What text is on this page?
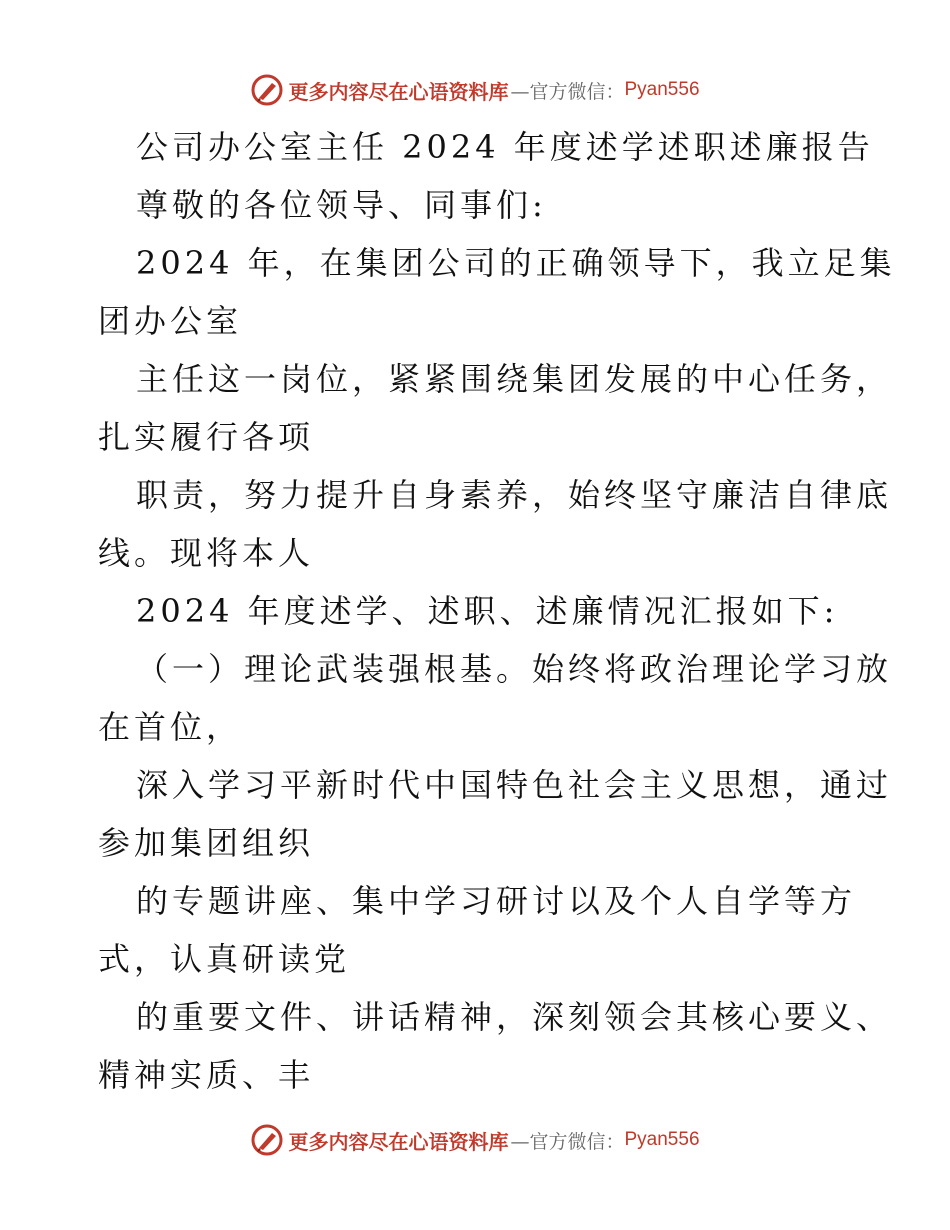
更多内容尽在心语资料库 —官方微信： Pyan556
公司办公室主任 2024 年度述学述职述廉报告
尊敬的各位领导、同事们:
2024 年，在集团公司的正确领导下，我立足集
团办公室
主任这一岗位，紧紧围绕集团发展的中心任务，
扎实履行各项
职责，努力提升自身素养，始终坚守廉洁自律底
线。现将本人
2024 年度述学、述职、述廉情况汇报如下:
（一）理论武装强根基。始终将政治理论学习放
在首位，
深入学习平新时代中国特色社会主义思想，通过
参加集团组织
的专题讲座、集中学习研讨以及个人自学等方
式，认真研读党
的重要文件、讲话精神，深刻领会其核心要义、
精神实质、丰
更多内容尽在心语资料库 —官方微信： Pyan556
